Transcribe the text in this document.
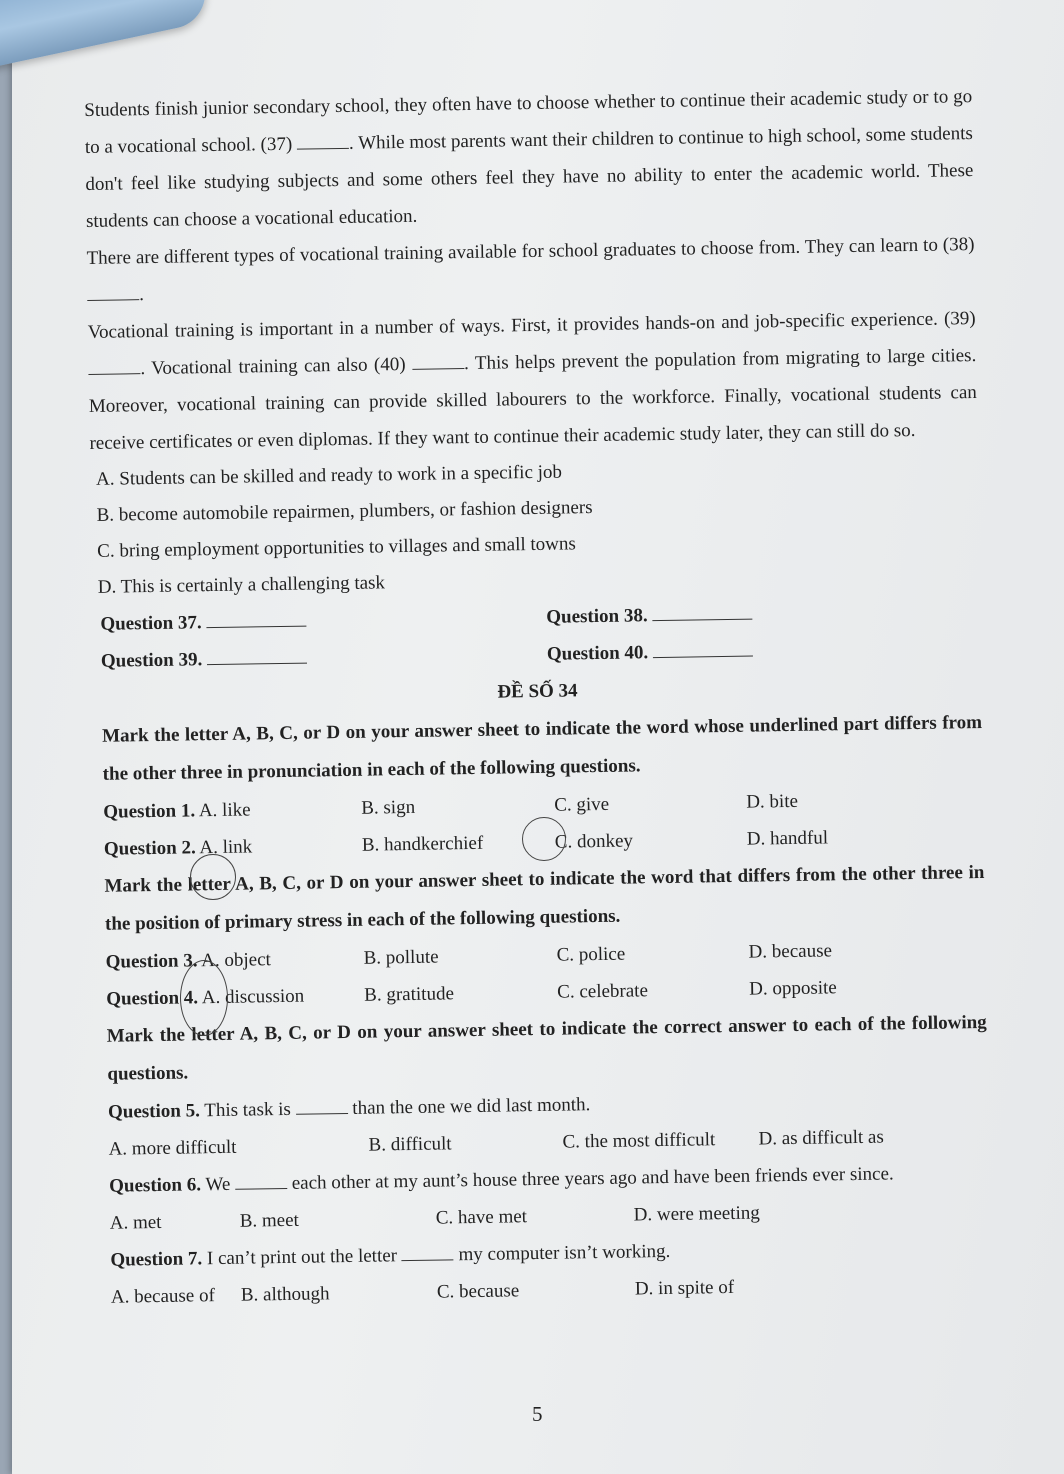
Students finish junior secondary school, they often have to choose whether to continue their academic study or to go to a vocational school. (37)	. While most parents want their children to continue to high school, some students don't feel like studying subjects and some others feel they have no ability to enter the academic world. These students can choose a vocational education.

There are different types of vocational training available for school graduates to choose from. They can learn to (38) .

Vocational training is important in a number of ways. First, it provides hands-on and job-specific experience. (39) . Vocational training can also (40)	. This helps prevent the population from migrating to large cities. Moreover, vocational training can provide skilled labourers to the workforce. Finally, vocational students can receive certificates or even diplomas. If they want to continue their academic study later, they can still do so.

A. Students can be skilled and ready to work in a specific job

B. become automobile repairmen, plumbers, or fashion designers

C. bring employment opportunities to villages and small towns

D. This is certainly a challenging task

Question 37.	Question 38.
Question 39.	Question 40.

ĐỀ SỐ 34

Mark the letter A, B, C, or D on your answer sheet to indicate the word whose underlined part differs from the other three in pronunciation in each of the following questions.

Question 1. A. like	B. sign	C. give	D. bite
Question 2. A. link	B. handkerchief	C. donkey	D. handful

Mark the letter A, B, C, or D on your answer sheet to indicate the word that differs from the other three in the position of primary stress in each of the following questions.

Question 3. A. object	B. pollute	C. police	D. because
Question 4. A. discussion	B. gratitude	C. celebrate	D. opposite

Mark the letter A, B, C, or D on your answer sheet to indicate the correct answer to each of the following questions.

Question 5. This task is	than the one we did last month.

A. more difficult	B. difficult	C. the most difficult	D. as difficult as

Question 6. We	each other at my aunt’s house three years ago and have been friends ever since.

A. met	B. meet	C. have met	D. were meeting

Question 7. I can’t print out the letter	my computer isn’t working.

A. because of	B. although	C. because	D. in spite of
5
